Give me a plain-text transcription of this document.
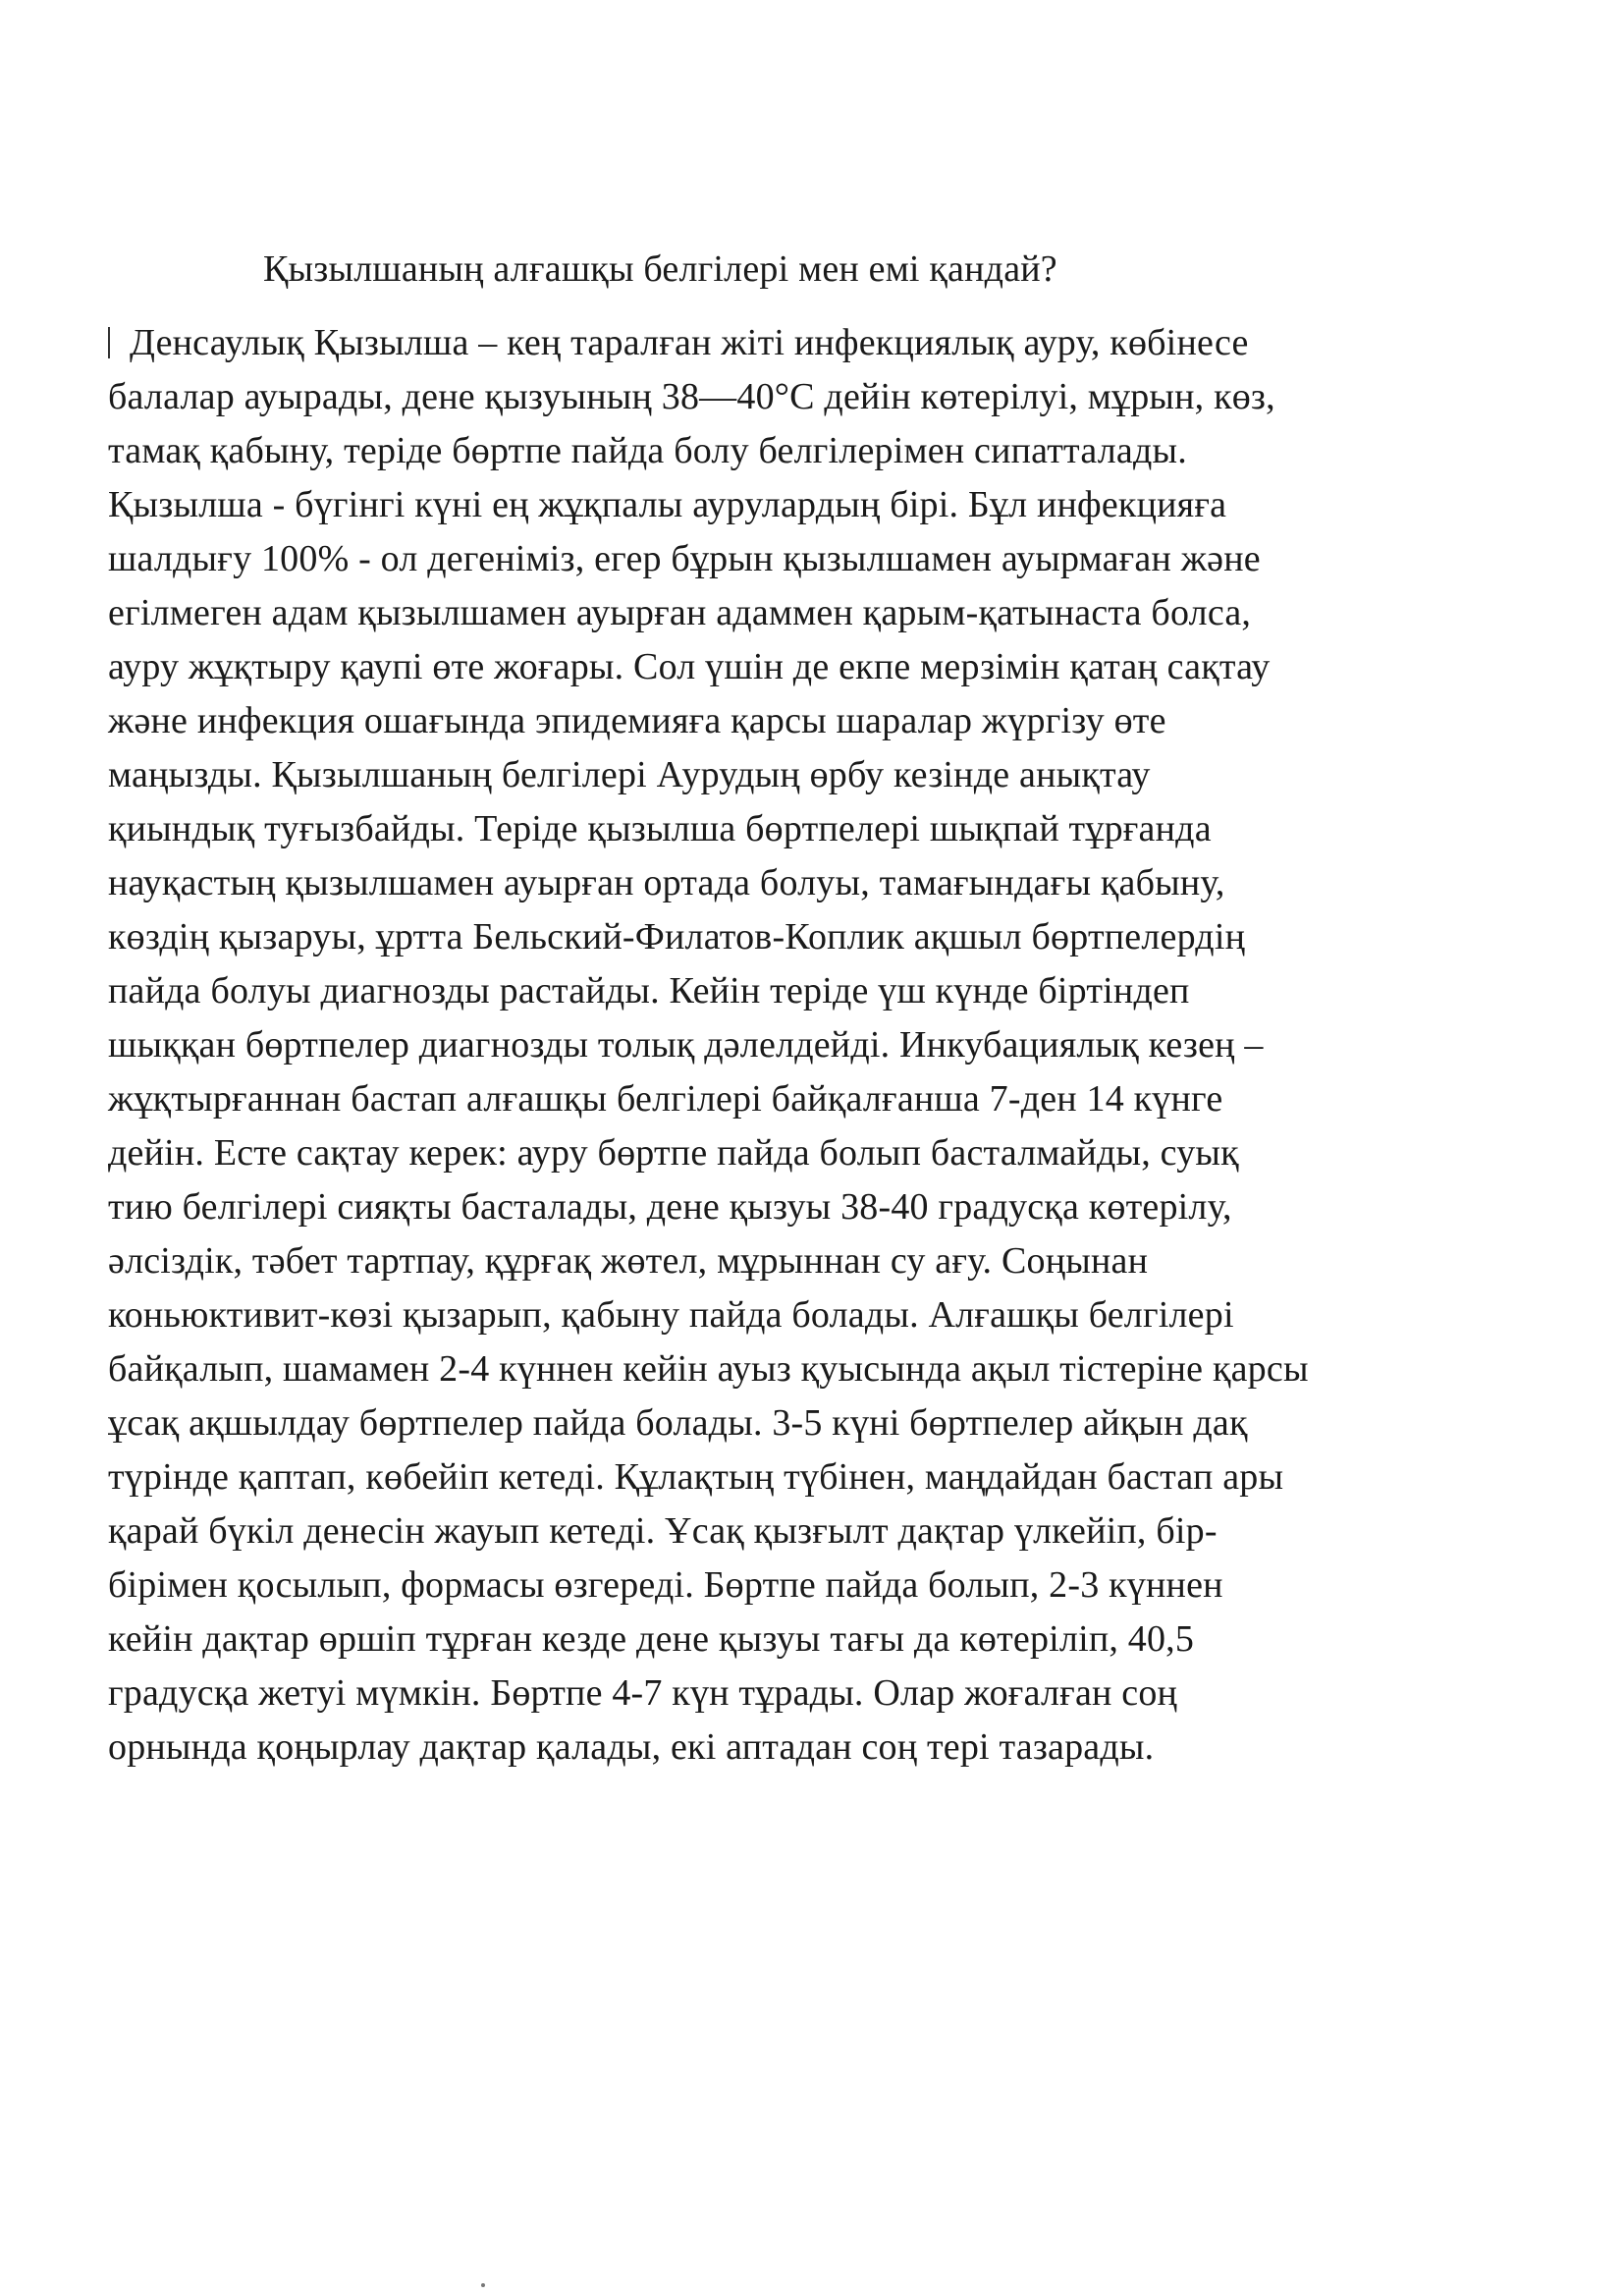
Қызылшаның алғашқы белгілері мен емі қандай?
Денсаулық Қызылша – кең таралған жіті инфекциялық ауру, көбінесе
балалар ауырады, дене қызуының 38—40°С дейін көтерілуі, мұрын, көз,
тамақ қабыну, теріде бөртпе пайда болу белгілерімен сипатталады.
Қызылша - бүгінгі күні ең жұқпалы аурулардың бірі. Бұл инфекцияға
шалдығу 100% - ол дегеніміз, егер бұрын қызылшамен ауырмаған және
егілмеген адам қызылшамен ауырған адаммен қарым-қатынаста болса,
ауру жұқтыру қаупі өте жоғары. Сол үшін де екпе мерзімін қатаң сақтау
және инфекция ошағында эпидемияға қарсы шаралар жүргізу өте
маңызды. Қызылшаның белгілері Аурудың өрбу кезінде анықтау
қиындық туғызбайды. Теріде қызылша бөртпелері шықпай тұрғанда
науқастың қызылшамен ауырған ортада болуы, тамағындағы қабыну,
көздің қызаруы, ұртта Бельский-Филатов-Коплик ақшыл бөртпелердің
пайда болуы диагнозды растайды. Кейін теріде үш күнде біртіндеп
шыққан бөртпелер диагнозды толық дәлелдейді. Инкубациялық кезең –
жұқтырғаннан бастап алғашқы белгілері байқалғанша 7-ден 14 күнге
дейін. Есте сақтау керек: ауру бөртпе пайда болып басталмайды, суық
тию белгілері сияқты басталады, дене қызуы 38-40 градусқа көтерілу,
әлсіздік, тәбет тартпау, құрғақ жөтел, мұрыннан су ағу. Соңынан
коньюктивит-көзі қызарып, қабыну пайда болады. Алғашқы белгілері
байқалып, шамамен 2-4 күннен кейін ауыз қуысында ақыл тістеріне қарсы
ұсақ ақшылдау бөртпелер пайда болады. 3-5 күні бөртпелер айқын дақ
түрінде қаптап, көбейіп кетеді. Құлақтың түбінен, маңдайдан бастап ары
қарай бүкіл денесін жауып кетеді. Ұсақ қызғылт дақтар үлкейіп, бір-
бірімен қосылып, формасы өзгереді. Бөртпе пайда болып, 2-3 күннен
кейін дақтар өршіп тұрған кезде дене қызуы тағы да көтеріліп, 40,5
градусқа жетуі мүмкін. Бөртпе 4-7 күн тұрады. Олар жоғалған соң
орнында қоңырлау дақтар қалады, екі аптадан соң тері тазарады.
